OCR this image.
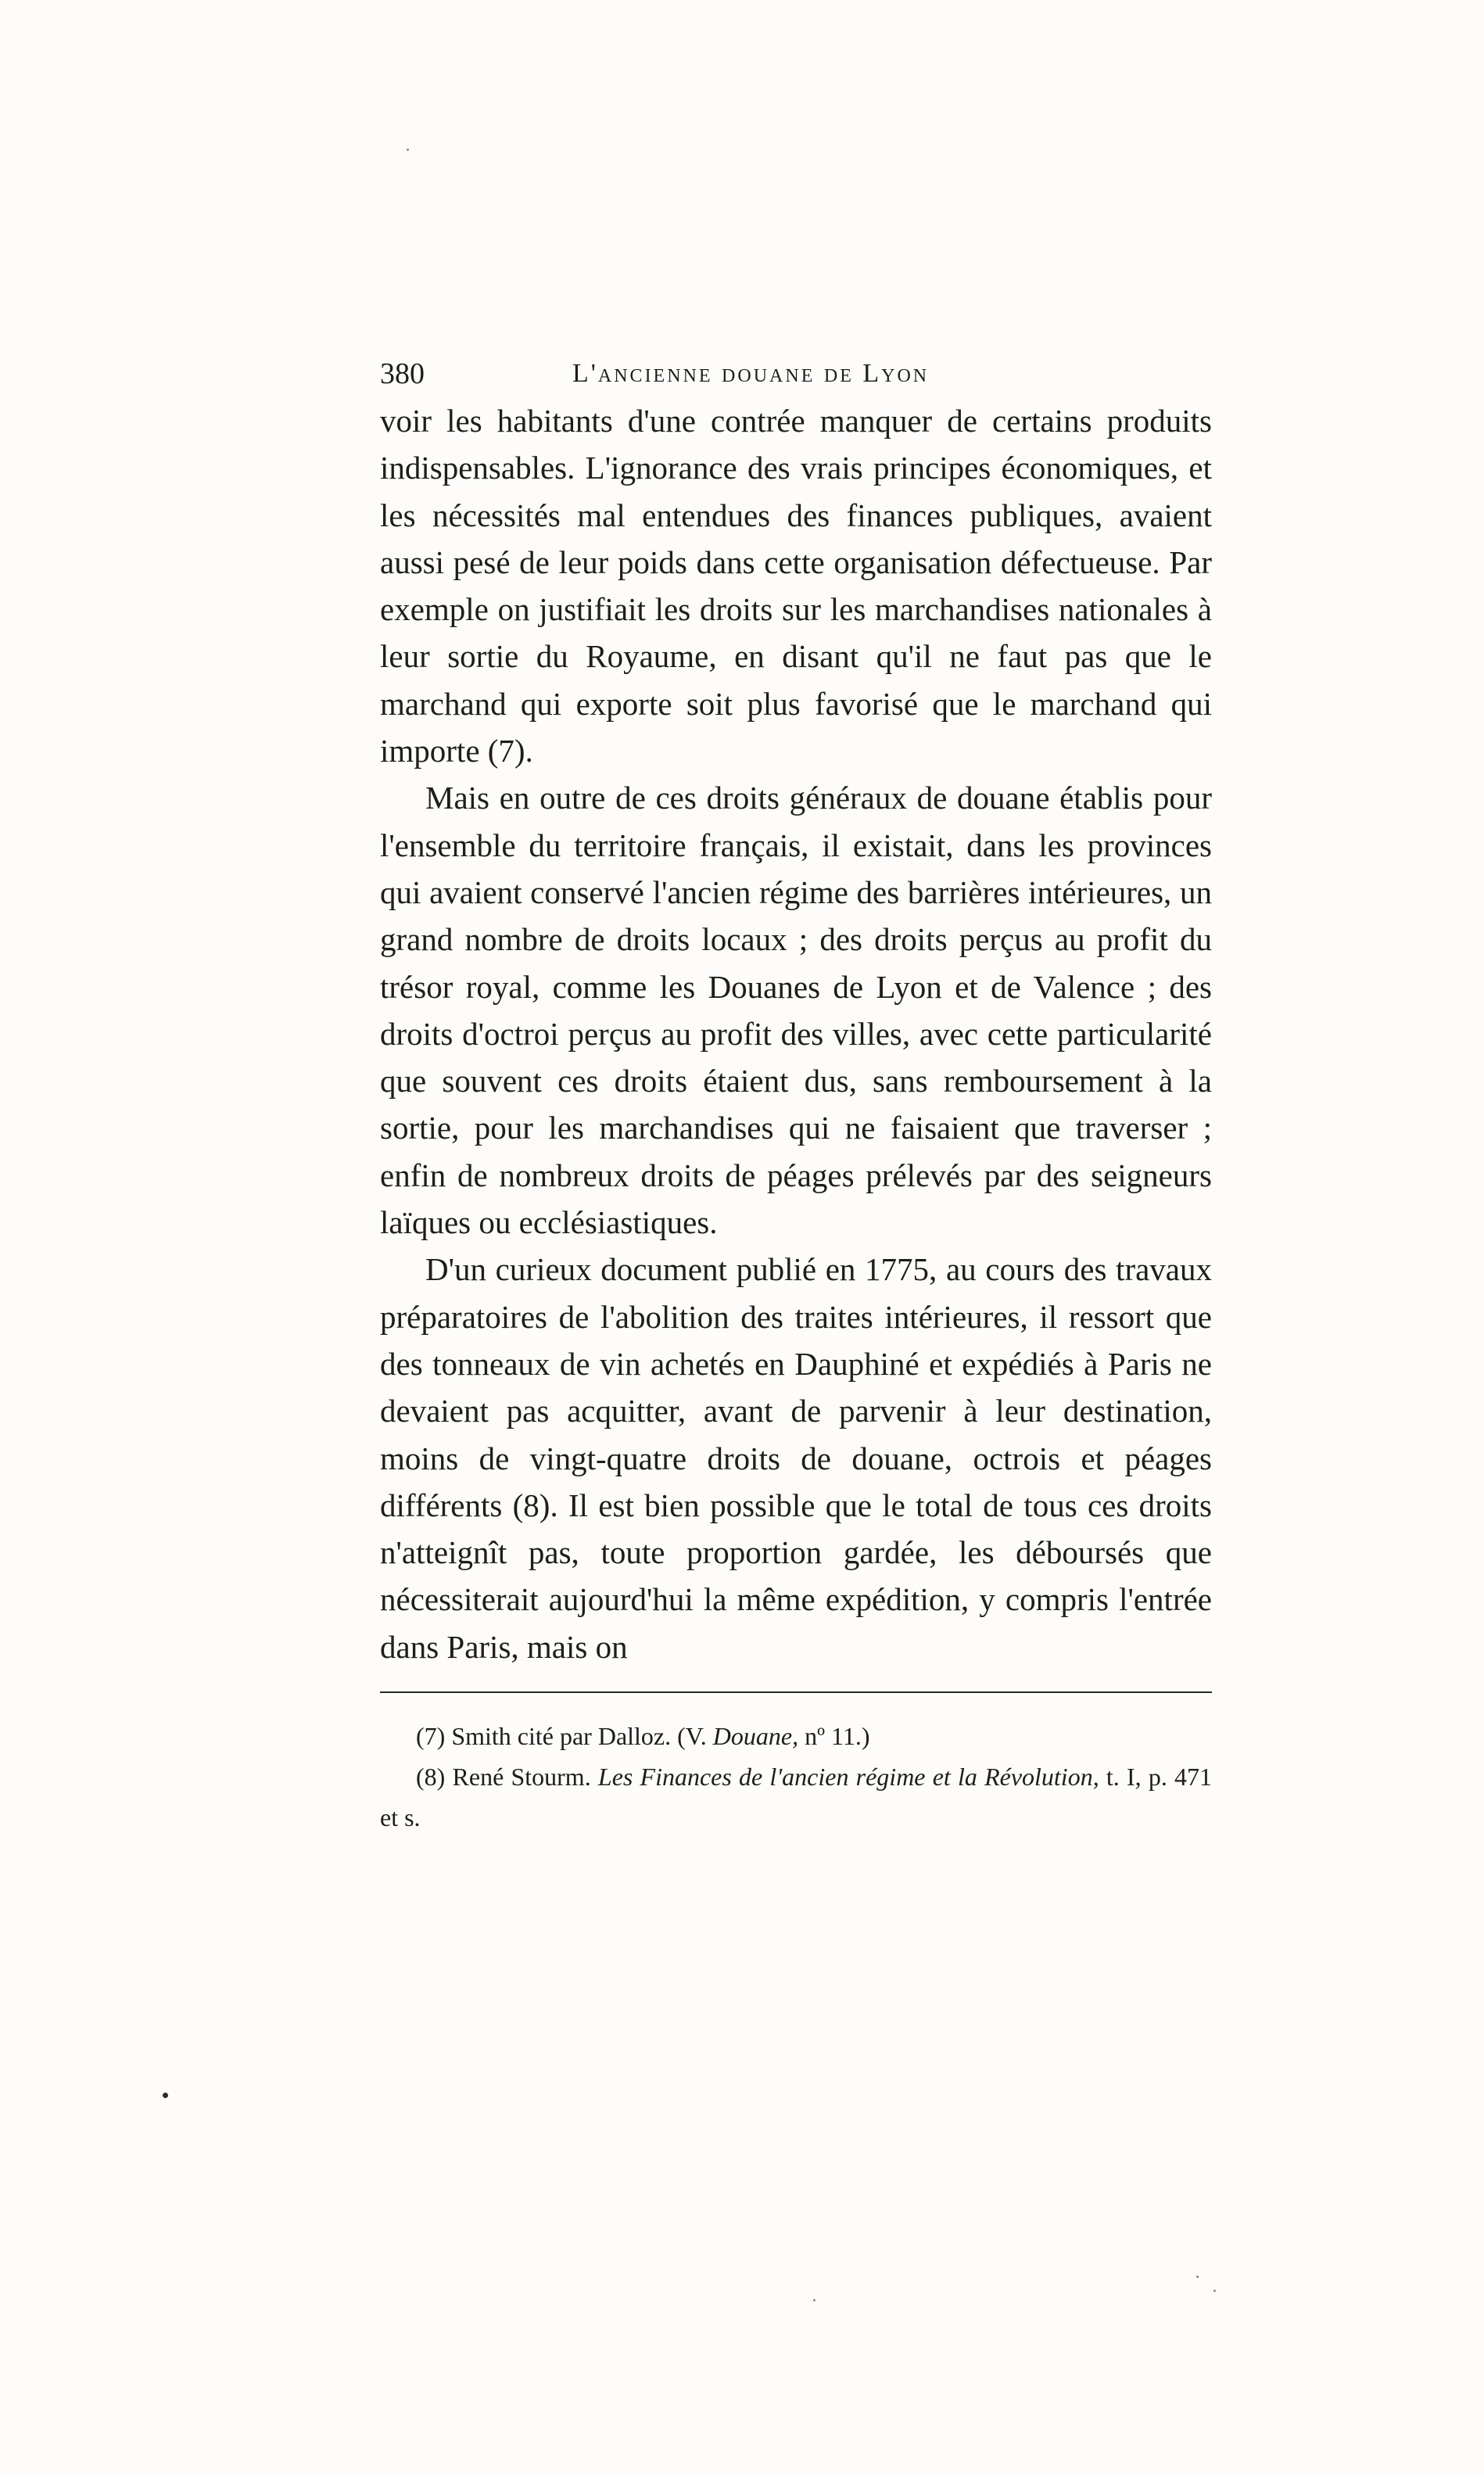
380	L'ancienne douane de Lyon

voir les habitants d'une contrée manquer de certains produits indispensables. L'ignorance des vrais principes économiques, et les nécessités mal entendues des finances publiques, avaient aussi pesé de leur poids dans cette organisation défectueuse. Par exemple on justifiait les droits sur les marchandises nationales à leur sortie du Royaume, en disant qu'il ne faut pas que le marchand qui exporte soit plus favorisé que le marchand qui importe (7).

Mais en outre de ces droits généraux de douane établis pour l'ensemble du territoire français, il existait, dans les provinces qui avaient conservé l'ancien régime des barrières intérieures, un grand nombre de droits locaux ; des droits perçus au profit du trésor royal, comme les Douanes de Lyon et de Valence ; des droits d'octroi perçus au profit des villes, avec cette particularité que souvent ces droits étaient dus, sans remboursement à la sortie, pour les marchandises qui ne faisaient que traverser ; enfin de nombreux droits de péages prélevés par des seigneurs laïques ou ecclésiastiques.

D'un curieux document publié en 1775, au cours des travaux préparatoires de l'abolition des traites intérieures, il ressort que des tonneaux de vin achetés en Dauphiné et expédiés à Paris ne devaient pas acquitter, avant de parvenir à leur destination, moins de vingt-quatre droits de douane, octrois et péages différents (8). Il est bien possible que le total de tous ces droits n'atteignît pas, toute proportion gardée, les déboursés que nécessiterait aujourd'hui la même expédition, y compris l'entrée dans Paris, mais on

(7) Smith cité par Dalloz. (V. Douane, nº 11.)

(8) René Stourm. Les Finances de l'ancien régime et la Révolution, t. I, p. 471 et s.
